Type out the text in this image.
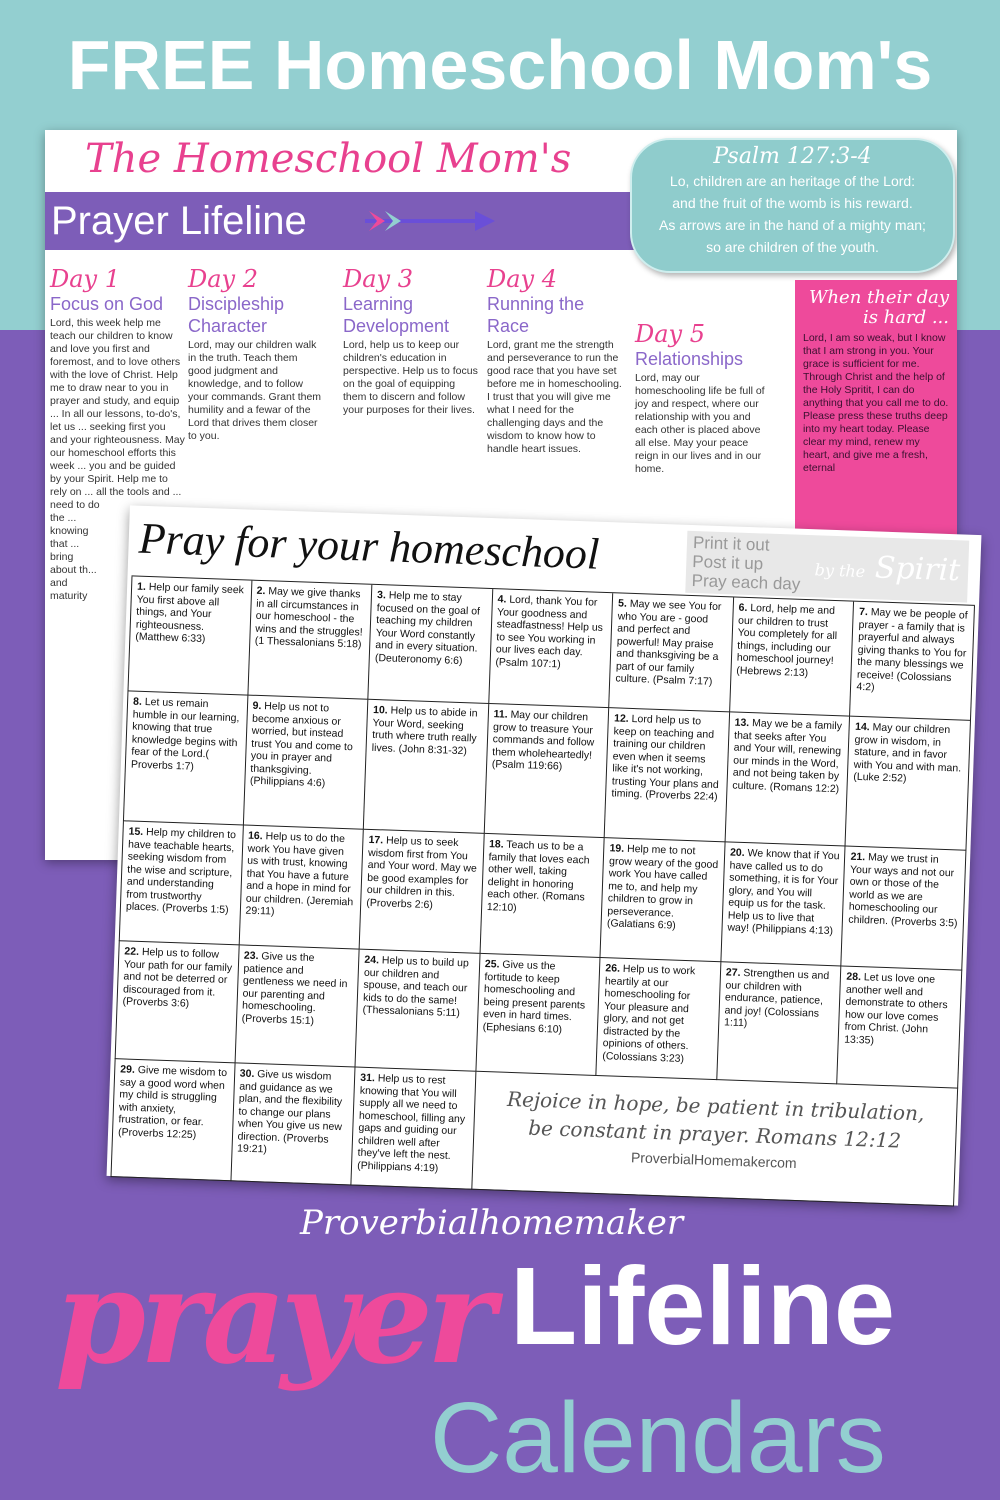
FREE Homeschool Mom's
The Homeschool Mom's
Prayer Lifeline
Psalm 127:3-4
Lo, children are an heritage of the Lord:
and the fruit of the womb is his reward.
As arrows are in the hand of a mighty man;
so are children of the youth.
Day 1
Focus on God
Lord, this week help me teach our children to know and love you first and foremost, and to love others with the love of Christ. Help me to draw near to you in prayer and study, and equip ... In all our lessons, to-do's, let us ... seeking first you and your righteousness. May our homeschool efforts this week ... you and be guided by your Spirit. Help me to rely on ... all the tools and ... need to do the ... knowing that ... bring about th... and maturity
Day 2
Discipleship Character
Lord, may our children walk in the truth. Teach them good judgment and knowledge, and to follow your commands. Grant them humility and a fewar of the Lord that drives them closer to you.
Day 3
Learning Development
Lord, help us to keep our children's education in perspective. Help us to focus on the goal of equipping them to discern and follow your purposes for their lives.
Day 4
Running the Race
Lord, grant me the strength and perseverance to run the good race that you have set before me in homeschooling. I trust that you will give me what I need for the challenging days and the wisdom to know how to handle heart issues.
Day 5
Relationships
Lord, may our homeschooling life be full of joy and respect, where our relationship with you and each other is placed above all else. May your peace reign in our lives and in our home.
When their day is hard ...
Lord, I am so weak, but I know that I am strong in you. Your grace is sufficient for me. Through Christ and the help of the Holy Spritit, I can do anything that you call me to do. Please press these truths deep into my heart today. Please clear my mind, renew my heart, and give me a fresh, eternal
Pray for your homeschool	Print it out
Post it up
Pray each day
by the Spirit
1. Help our family seek You first above all things, and Your righteousness. (Matthew 6:33)
2. May we give thanks in all circumstances in our homeschool - the wins and the struggles! (1 Thessalonians 5:18)
3. Help me to stay focused on the goal of teaching my children Your Word constantly and in every situation. (Deuteronomy 6:6)
4. Lord, thank You for Your goodness and steadfastness! Help us to see You working in our lives each day. (Psalm 107:1)
5. May we see You for who You are - good and perfect and powerful! May praise and thanksgiving be a part of our family culture. (Psalm 7:17)
6. Lord, help me and our children to trust You completely for all things, including our homeschool journey! (Hebrews 2:13)
7. May we be people of prayer - a family that is prayerful and always giving thanks to You for the many blessings we receive! (Colossians 4:2)
8. Let us remain humble in our learning, knowing that true knowledge begins with fear of the Lord.( Proverbs 1:7)
9. Help us not to become anxious or worried, but instead trust You and come to you in prayer and thanksgiving. (Philippians 4:6)
10. Help us to abide in Your Word, seeking truth where truth really lives. (John 8:31-32)
11. May our children grow to treasure Your commands and follow them wholeheartedly! (Psalm 119:66)
12. Lord help us to keep on teaching and training our children even when it seems like it's not working, trusting Your plans and timing. (Proverbs 22:4)
13. May we be a family that seeks after You and Your will, renewing our minds in the Word, and not being taken by culture. (Romans 12:2)
14. May our children grow in wisdom, in stature, and in favor with You and with man. (Luke 2:52)
15. Help my children to have teachable hearts, seeking wisdom from the wise and scripture, and understanding from trustworthy places. (Proverbs 1:5)
16. Help us to do the work You have given us with trust, knowing that You have a future and a hope in mind for our children. (Jeremiah 29:11)
17. Help us to seek wisdom first from You and Your word. May we be good examples for our children in this. (Proverbs 2:6)
18. Teach us to be a family that loves each other well, taking delight in honoring each other. (Romans 12:10)
19. Help me to not grow weary of the good work You have called me to, and help my children to grow in perseverance. (Galatians 6:9)
20. We know that if You have called us to do something, it is for Your glory, and You will equip us for the task. Help us to live that way! (Philippians 4:13)
21. May we trust in Your ways and not our own or those of the world as we are homeschooling our children. (Proverbs 3:5)
22. Help us to follow Your path for our family and not be deterred or discouraged from it. (Proverbs 3:6)
23. Give us the patience and gentleness we need in our parenting and homeschooling. (Proverbs 15:1)
24. Help us to build up our children and spouse, and teach our kids to do the same! (Thessalonians 5:11)
25. Give us the fortitude to keep homeschooling and being present parents even in hard times. (Ephesians 6:10)
26. Help us to work heartily at our homeschooling for Your pleasure and glory, and not get distracted by the opinions of others. (Colossians 3:23)
27. Strengthen us and our children with endurance, patience, and joy! (Colossians 1:11)
28. Let us love one another well and demonstrate to others how our love comes from Christ. (John 13:35)
29. Give me wisdom to say a good word when my child is struggling with anxiety, frustration, or fear. (Proverbs 12:25)
30. Give us wisdom and guidance as we plan, and the flexibility to change our plans when You give us new direction. (Proverbs 19:21)
31. Help us to rest knowing that You will supply all we need to homeschool, filling any gaps and guiding our children well after they've left the nest. (Philippians 4:19)
Rejoice in hope, be patient in tribulation,
be constant in prayer. Romans 12:12
ProverbialHomemakercom
Proverbialhomemaker
prayer Lifeline
Calendars
